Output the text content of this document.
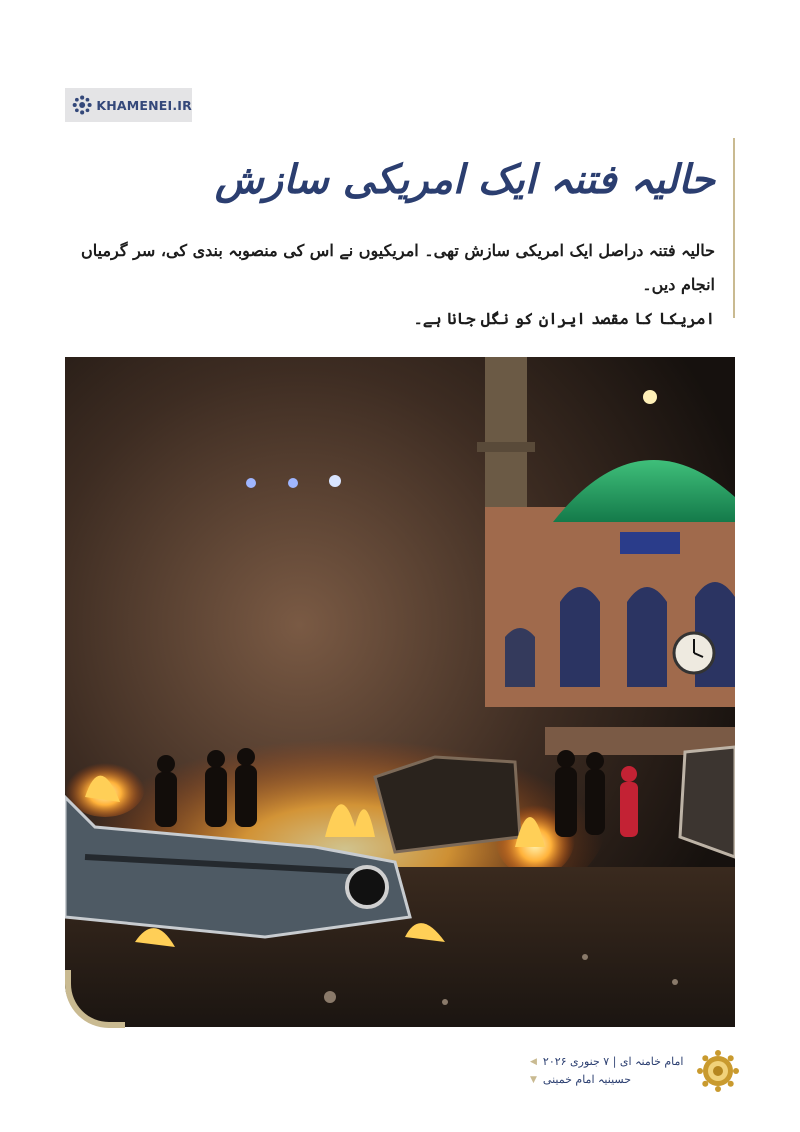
KHAMENEI.IR
حالیہ فتنہ ایک امریکی سازش

حالیہ فتنہ دراصل ایک امریکی سازش تھی۔ امریکیوں نے اس کی منصوبہ بندی کی، سر گرمیاں انجام دیں۔
امریکا کا مقصد ایران کو نگل جانا ہے۔

◀ امام خامنہ ای | ۷ جنوری ۲۰۲۶
▼ حسینیہ امام خمینی
